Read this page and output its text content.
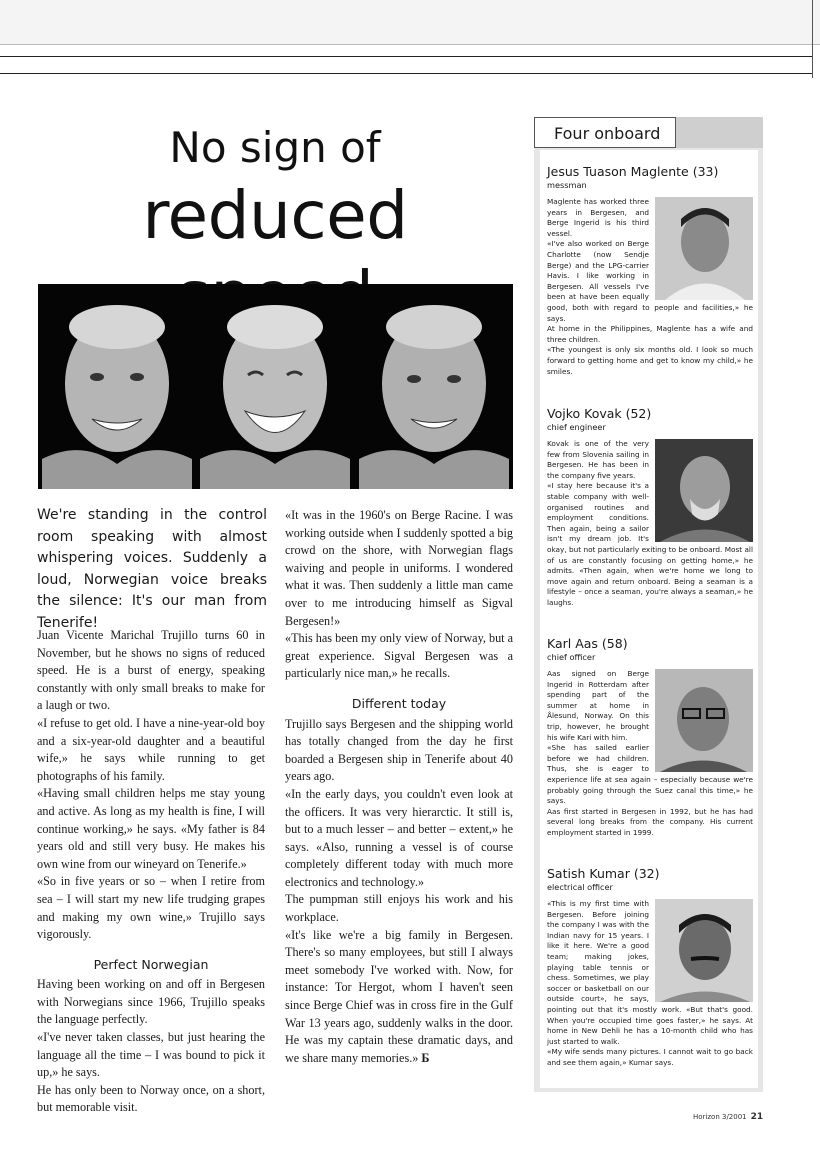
No sign of
reduced
We're standing in the control room speaking with almost whispering voices. Suddenly a loud, Norwegian voice breaks the silence: It's our man from Tenerife!

Juan Vicente Marichal Trujillo turns 60 in November, but he shows no signs of reduced speed. He is a burst of energy, speaking constantly with only small breaks to make for a laugh or two.

«I refuse to get old. I have a nine-year-old boy and a six-year-old daughter and a beautiful wife,» he says while running to get photographs of his family.

«Having small children helps me stay young and active. As long as my health is fine, I will continue working,» he says. «My father is 84 years old and still very busy. He makes his own wine from our wineyard on Tenerife.»

«So in five years or so – when I retire from sea – I will start my new life trudging grapes and making my own wine,» Trujillo says vigorously.

Perfect Norwegian

Having been working on and off in Bergesen with Norwegians since 1966, Trujillo speaks the language perfectly.

«I've never taken classes, but just hearing the language all the time – I was bound to pick it up,» he says.

He has only been to Norway once, on a short, but memorable visit.

«It was in the 1960's on Berge Racine. I was working outside when I suddenly spotted a big crowd on the shore, with Norwegian flags waiving and people in uniforms. I wondered what it was. Then suddenly a little man came over to me introducing himself as Sigval Bergesen!»

«This has been my only view of Norway, but a great experience. Sigval Bergesen was a particularly nice man,» he recalls.

Different today

Trujillo says Bergesen and the shipping world has totally changed from the day he first boarded a Bergesen ship in Tenerife about 40 years ago.

«In the early days, you couldn't even look at the officers. It was very hierarctic. It still is, but to a much lesser – and better – extent,» he says. «Also, running a vessel is of course completely different today with much more electronics and technology.»

The pumpman still enjoys his work and his workplace.

«It's like we're a big family in Bergesen. There's so many employees, but still I always meet somebody I've worked with. Now, for instance: Tor Hergot, whom I haven't seen since Berge Chief was in cross fire in the Gulf War 13 years ago, suddenly walks in the door. He was my captain these dramatic days, and we share many memories.» Б

Four onboard
Jesus Tuason Maglente (33)
messman

Maglente has worked three years in Bergesen, and Berge Ingerid is his third vessel.

«I've also worked on Berge Charlotte (now Sendje Berge) and the LPG-carrier Havis. I like working in Bergesen. All vessels I've been at have been equally good, both with regard to people and facilities,» he says.

At home in the Philippines, Maglente has a wife and three children.

«The youngest is only six months old. I look so much forward to getting home and get to know my child,» he smiles.

Vojko Kovak (52)
chief engineer

Kovak is one of the very few from Slovenia sailing in Bergesen. He has been in the company five years.

«I stay here because it's a stable company with well-organised routines and employment conditions. Then again, being a sailor isn't my dream job. It's okay, but not particularly exiting to be onboard. Most all of us are constantly focusing on getting home,» he admits. «Then again, when we're home we long to move again and return onboard. Being a seaman is a lifestyle – once a seaman, you're always a seaman,» he laughs.

Karl Aas (58)
chief officer

Aas signed on Berge Ingerid in Rotterdam after spending part of the summer at home in Ålesund, Norway. On this trip, however, he brought his wife Kari with him.

«She has sailed earlier before we had children. Thus, she is eager to experience life at sea again – especially because we're probably going through the Suez canal this time,» he says.

Aas first started in Bergesen in 1992, but he has had several long breaks from the company. His current employment started in 1999.

Satish Kumar (32)
electrical officer

«This is my first time with Bergesen. Before joining the company I was with the Indian navy for 15 years. I like it here. We're a good team; making jokes, playing table tennis or chess. Sometimes, we play soccer or basketball on our outside court», he says, pointing out that it's mostly work. «But that's good. When you're occupied time goes faster,» he says. At home in New Dehli he has a 10-month child who has just started to walk.

«My wife sends many pictures. I cannot wait to go back and see them again,» Kumar says.

Horizon 3/2001 21
